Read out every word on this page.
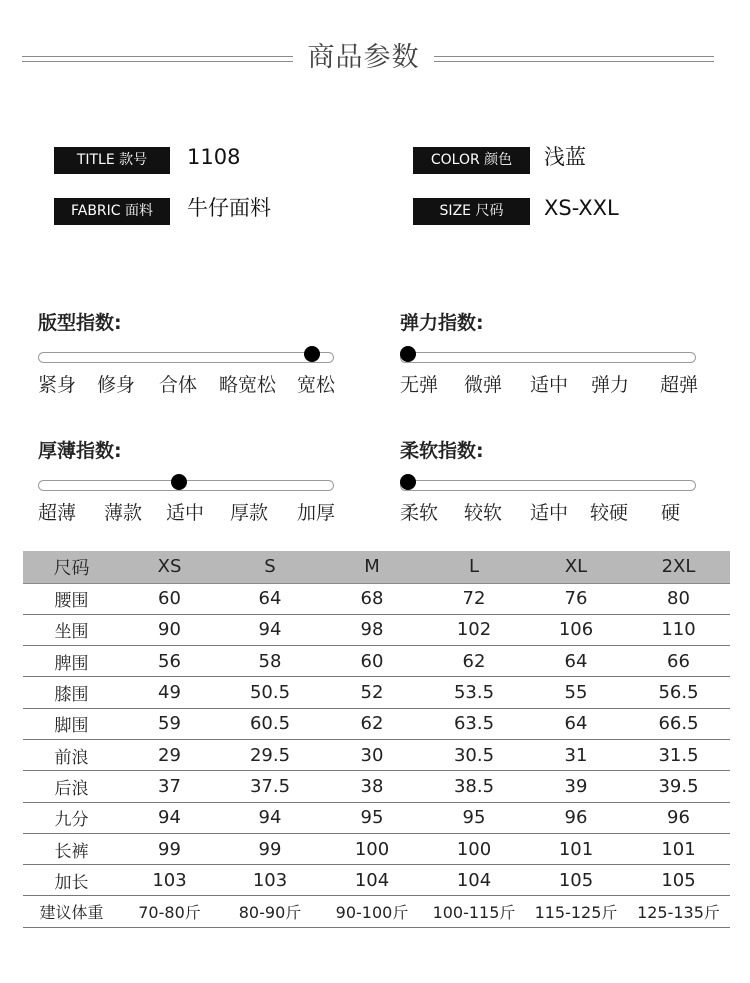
商品参数
TITLE 款号	1108	COLOR 颜色	浅蓝
FABRIC 面料	牛仔面料	SIZE 尺码	XS-XXL
版型指数:
紧身 修身 合体 略宽松 宽松
弹力指数:
无弹 微弹 适中 弹力 超弹
厚薄指数:
超薄 薄款 适中 厚款 加厚
柔软指数:
柔软 较软 适中 较硬 硬
尺码	XS	S	M	L	XL	2XL
腰围	60	64	68	72	76	80
坐围	90	94	98	102	106	110
脾围	56	58	60	62	64	66
膝围	49	50.5	52	53.5	55	56.5
脚围	59	60.5	62	63.5	64	66.5
前浪	29	29.5	30	30.5	31	31.5
后浪	37	37.5	38	38.5	39	39.5
九分	94	94	95	95	96	96
长裤	99	99	100	100	101	101
加长	103	103	104	104	105	105
建议体重	70-80斤	80-90斤	90-100斤	100-115斤	115-125斤	125-135斤
